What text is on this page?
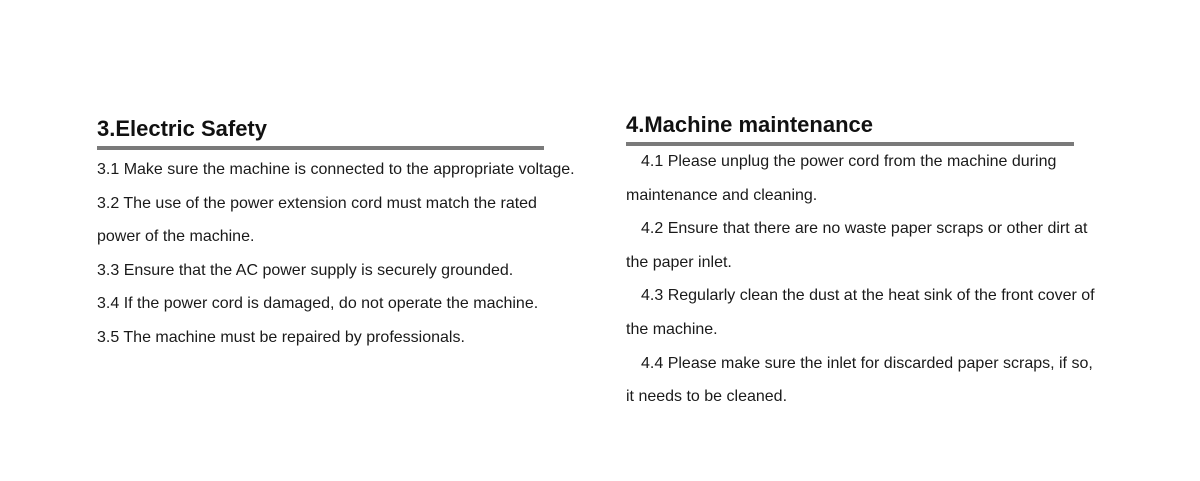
3.Electric Safety

3.1 Make sure the machine is connected to the appropriate voltage.

3.2 The use of the power extension cord must match the rated

power of the machine.

3.3 Ensure that the AC power supply is securely grounded.

3.4 If the power cord is damaged, do not operate the machine.

3.5 The machine must be repaired by professionals.

4.Machine maintenance

4.1 Please unplug the power cord from the machine during

maintenance and cleaning.

4.2 Ensure that there are no waste paper scraps or other dirt at

the paper inlet.

4.3 Regularly clean the dust at the heat sink of the front cover of

the machine.

4.4 Please make sure the inlet for discarded paper scraps, if so,

it needs to be cleaned.
